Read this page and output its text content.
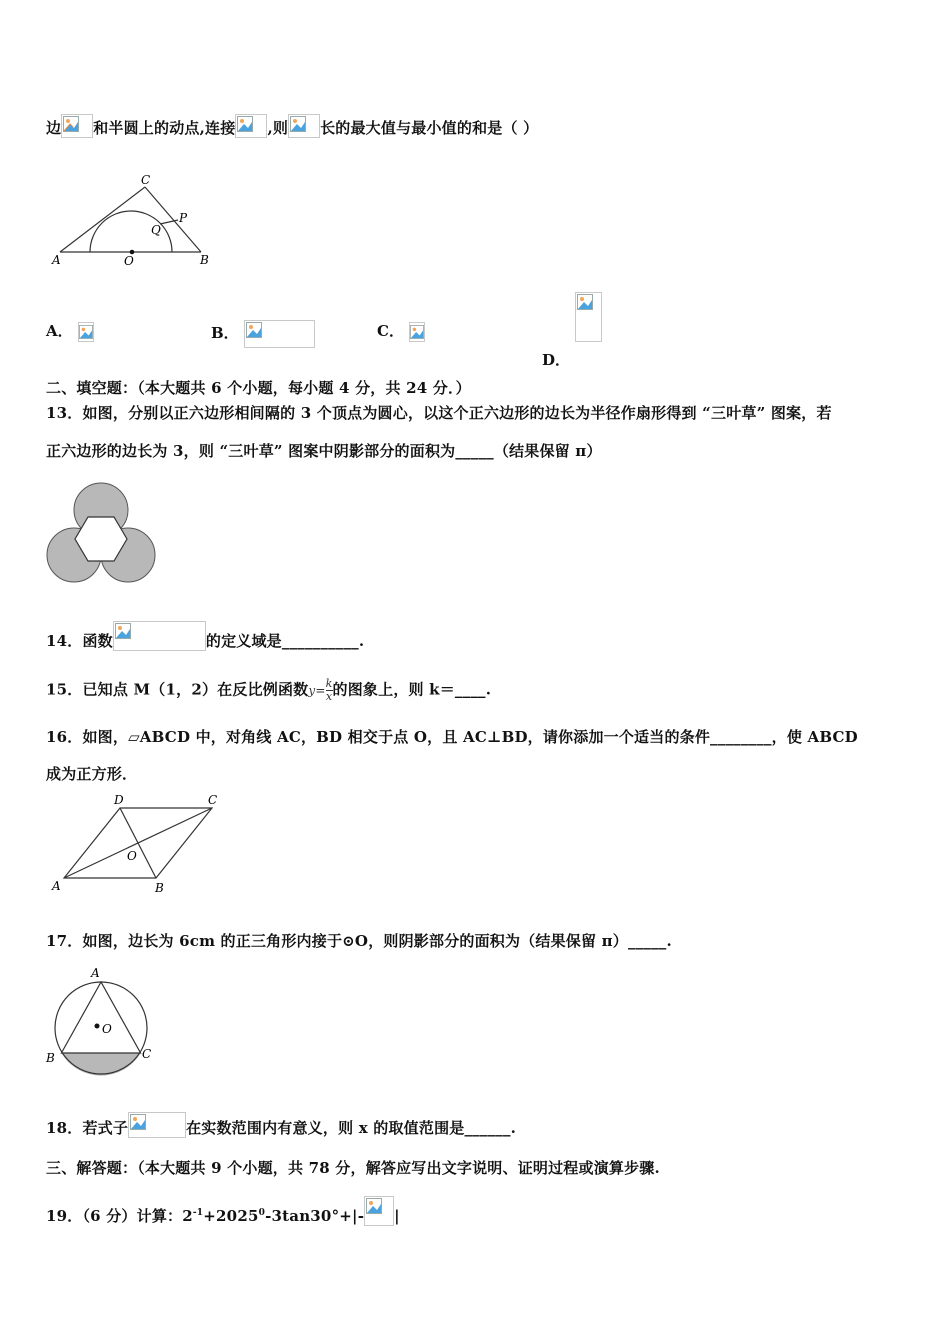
边 和半圆上的动点,连接 ,则 长的最大值与最小值的和是（ ）
A	B
C
O
P
Q
A．	B．	C．
D．
二、填空题：（本大题共 6 个小题，每小题 4 分，共 24 分．）
13．如图，分别以正六边形相间隔的 3 个顶点为圆心，以这个正六边形的边长为半径作扇形得到 “三叶草” 图案，若
正六边形的边长为 3，则 “三叶草” 图案中阴影部分的面积为_____（结果保留 π）
14．函数	的定义域是__________.
15．已知点 M（1，2）在反比例函数$y= \frac{k}{x}$ 的图象上，则 k＝____.
16．如图，▱ABCD 中，对角线 AC，BD 相交于点 O，且 AC⊥BD，请你添加一个适当的条件________，使 ABCD
成为正方形．
A	B
C
D
O
17．如图，边长为 6cm 的正三角形内接于⊙O，则阴影部分的面积为（结果保留 π）_____.
A
B	C
O
18．若式子	在实数范围内有意义，则 x 的取值范围是______.
三、解答题：（本大题共 9 个小题，共 78 分，解答应写出文字说明、证明过程或演算步骤.
19．（6 分）计算：$2^{-1}+2025^0-3\tan 30^\circ+|-$ |
